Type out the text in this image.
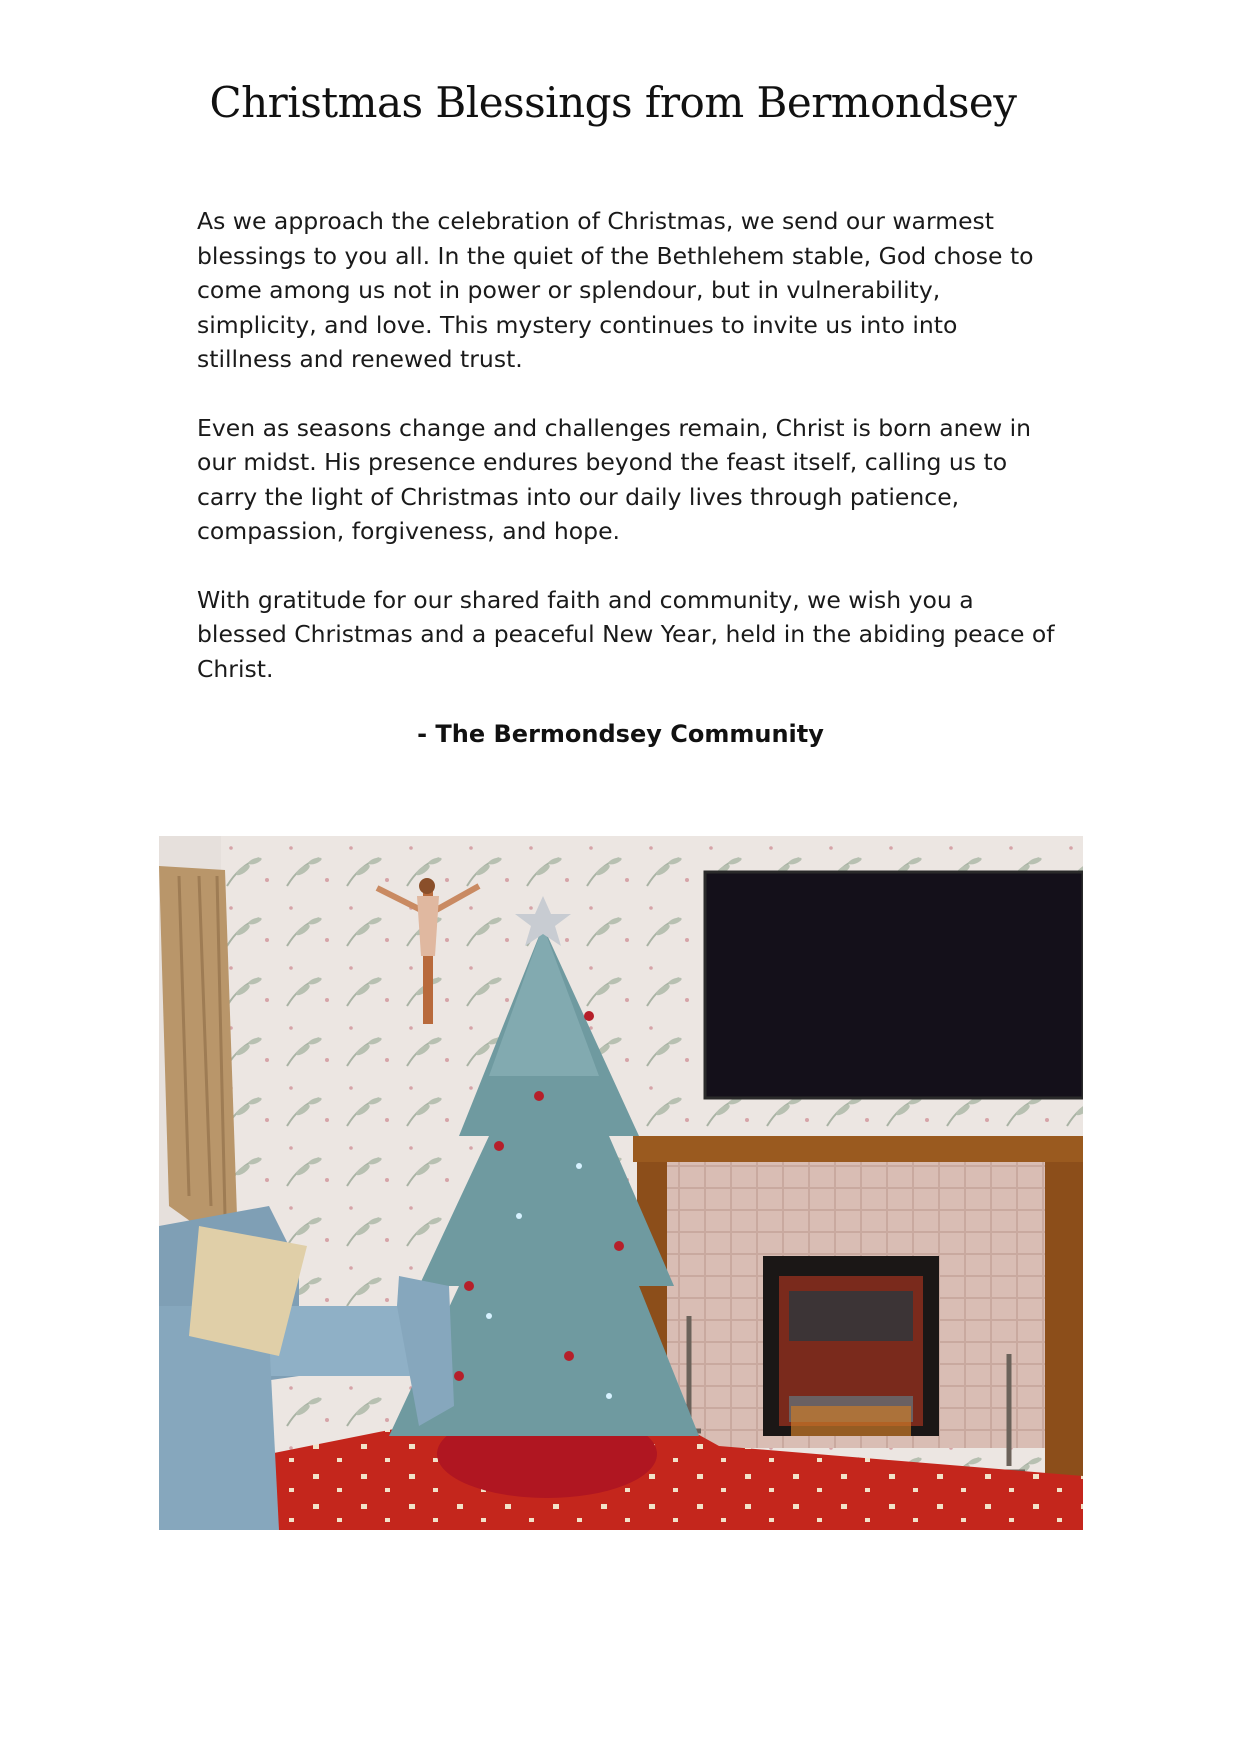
Christmas Blessings from Bermondsey

As we approach the celebration of Christmas, we send our warmest blessings to you all. In the quiet of the Bethlehem stable, God chose to come among us not in power or splendour, but in vulnerability, simplicity, and love. This mystery continues to invite us into into stillness and renewed trust.

Even as seasons change and challenges remain, Christ is born anew in our midst. His presence endures beyond the feast itself, calling us to carry the light of Christmas into our daily lives through patience, compassion, forgiveness, and hope.

With gratitude for our shared faith and community, we wish you a blessed Christmas and a peaceful New Year, held in the abiding peace of Christ.

- The Bermondsey Community
